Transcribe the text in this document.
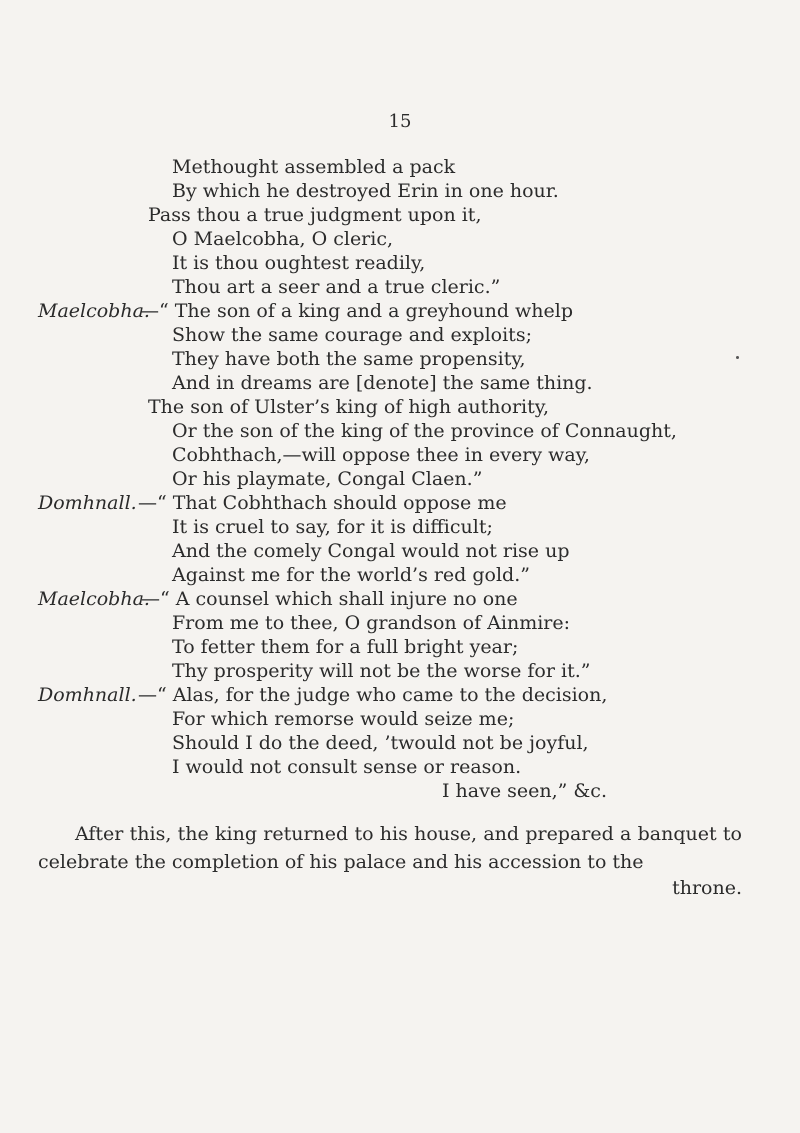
15
Methought assembled a pack
By which he destroyed Erin in one hour.
Pass thou a true judgment upon it,
O Maelcobha, O cleric,
It is thou oughtest readily,
Thou art a seer and a true cleric.”
Maelcobha.
—“ The son of a king and a greyhound whelp
Show the same courage and exploits;
They have both the same propensity,
And in dreams are [denote] the same thing.
The son of Ulster’s king of high authority,
Or the son of the king of the province of Connaught,
Cobhthach,—will oppose thee in every way,
Or his playmate, Congal Claen.”
Domhnall. —“ That Cobhthach should oppose me
It is cruel to say, for it is difficult;
And the comely Congal would not rise up
Against me for the world’s red gold.”
Maelcobha.
—“ A counsel which shall injure no one
From me to thee, O grandson of Ainmire:
To fetter them for a full bright year;
Thy prosperity will not be the worse for it.”
Domhnall. —“ Alas, for the judge who came to the decision,
For which remorse would seize me;
Should I do the deed, ’twould not be joyful,
I would not consult sense or reason.
I have seen,” &c.
After this, the king returned to his house, and prepared a banquet to celebrate the completion of his palace and his accession to the
throne.
